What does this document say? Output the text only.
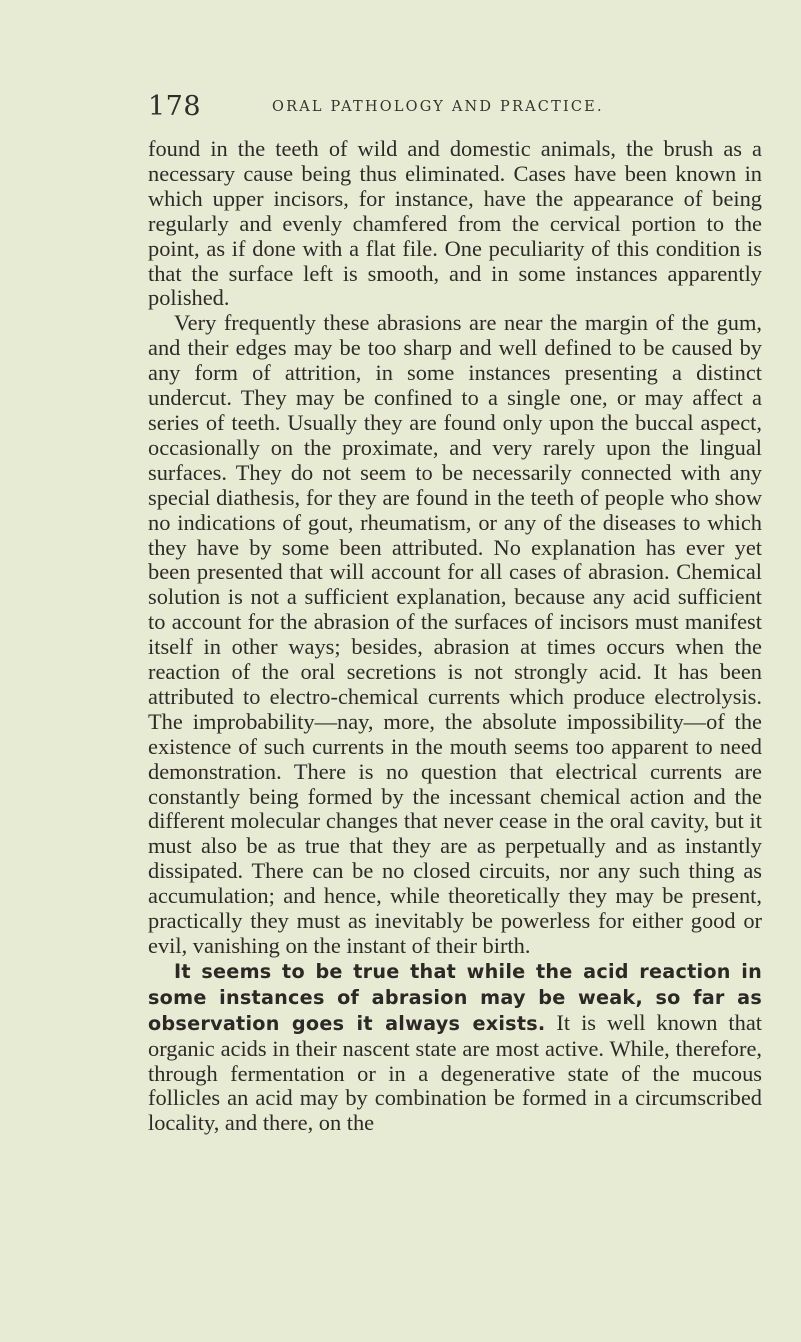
178	ORAL PATHOLOGY AND PRACTICE.

found in the teeth of wild and domestic animals, the brush as a necessary cause being thus eliminated. Cases have been known in which upper incisors, for instance, have the appearance of being regularly and evenly chamfered from the cervical portion to the point, as if done with a flat file. One peculiarity of this condition is that the surface left is smooth, and in some instances apparently polished.

Very frequently these abrasions are near the margin of the gum, and their edges may be too sharp and well defined to be caused by any form of attrition, in some instances presenting a distinct undercut. They may be confined to a single one, or may affect a series of teeth. Usually they are found only upon the buccal aspect, occasionally on the proximate, and very rarely upon the lingual surfaces. They do not seem to be necessarily connected with any special diathesis, for they are found in the teeth of people who show no indications of gout, rheumatism, or any of the diseases to which they have by some been attributed. No explanation has ever yet been presented that will account for all cases of abrasion. Chemical solution is not a sufficient explanation, because any acid sufficient to account for the abrasion of the surfaces of incisors must manifest itself in other ways; besides, abrasion at times occurs when the reaction of the oral secretions is not strongly acid. It has been attributed to electro-chemical currents which produce electrolysis. The improbability—nay, more, the absolute impossibility—of the existence of such currents in the mouth seems too apparent to need demonstration. There is no question that electrical currents are constantly being formed by the incessant chemical action and the different molecular changes that never cease in the oral cavity, but it must also be as true that they are as perpetually and as instantly dissipated. There can be no closed circuits, nor any such thing as accumulation; and hence, while theoretically they may be present, practically they must as inevitably be powerless for either good or evil, vanishing on the instant of their birth.

It seems to be true that while the acid reaction in some instances of abrasion may be weak, so far as observation goes it always exists. It is well known that organic acids in their nascent state are most active. While, therefore, through fermentation or in a degenerative state of the mucous follicles an acid may by combination be formed in a circumscribed locality, and there, on the
